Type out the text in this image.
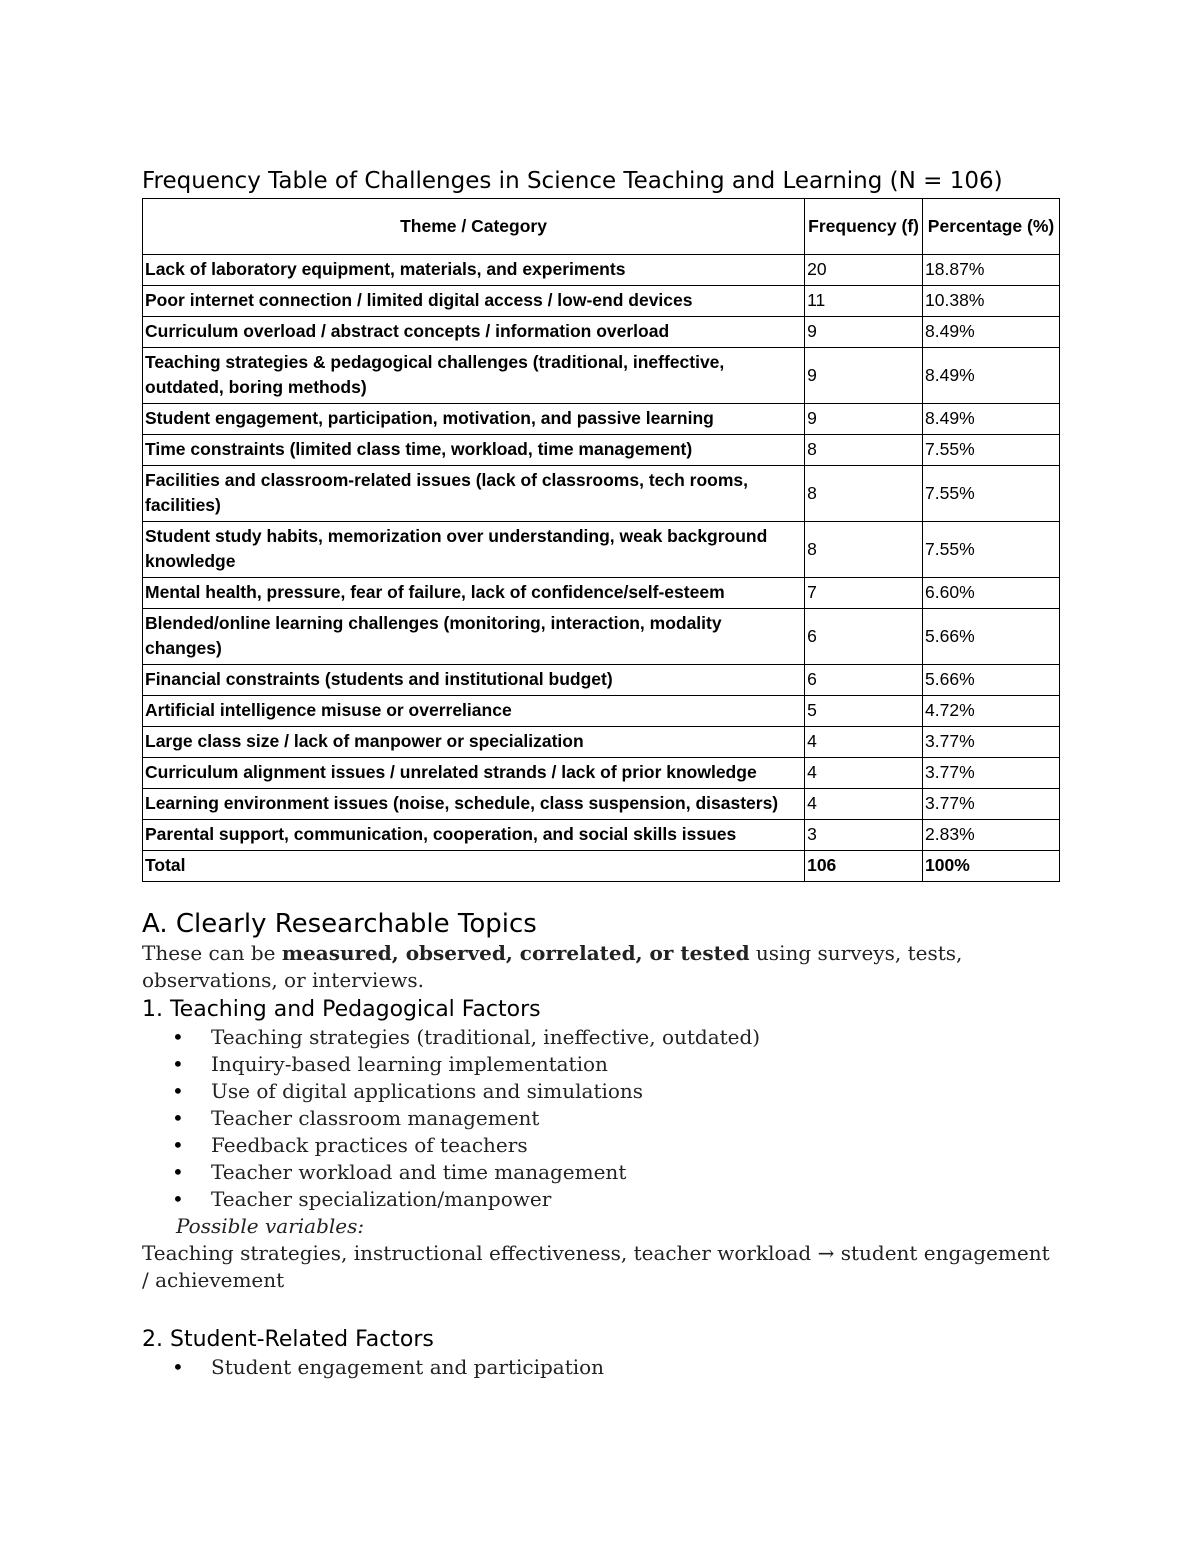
Frequency Table of Challenges in Science Teaching and Learning (N = 106)
Theme / Category	Frequency (f)	Percentage (%)
Lack of laboratory equipment, materials, and experiments	20	18.87%
Poor internet connection / limited digital access / low-end devices	11	10.38%
Curriculum overload / abstract concepts / information overload	9	8.49%
Teaching strategies & pedagogical challenges (traditional, ineffective, outdated, boring methods)	9	8.49%
Student engagement, participation, motivation, and passive learning	9	8.49%
Time constraints (limited class time, workload, time management)	8	7.55%
Facilities and classroom-related issues (lack of classrooms, tech rooms, facilities)	8	7.55%
Student study habits, memorization over understanding, weak background knowledge	8	7.55%
Mental health, pressure, fear of failure, lack of confidence/self-esteem	7	6.60%
Blended/online learning challenges (monitoring, interaction, modality changes)	6	5.66%
Financial constraints (students and institutional budget)	6	5.66%
Artificial intelligence misuse or overreliance	5	4.72%
Large class size / lack of manpower or specialization	4	3.77%
Curriculum alignment issues / unrelated strands / lack of prior knowledge	4	3.77%
Learning environment issues (noise, schedule, class suspension, disasters)	4	3.77%
Parental support, communication, cooperation, and social skills issues	3	2.83%
Total	106	100%
A. Clearly Researchable Topics

These can be measured, observed, correlated, or tested using surveys, tests, observations, or interviews.

1. Teaching and Pedagogical Factors
• Teaching strategies (traditional, ineffective, outdated)
• Inquiry-based learning implementation
• Use of digital applications and simulations
• Teacher classroom management
• Feedback practices of teachers
• Teacher workload and time management
• Teacher specialization/manpower
Possible variables:
Teaching strategies, instructional effectiveness, teacher workload → student engagement / achievement
2. Student-Related Factors
• Student engagement and participation
